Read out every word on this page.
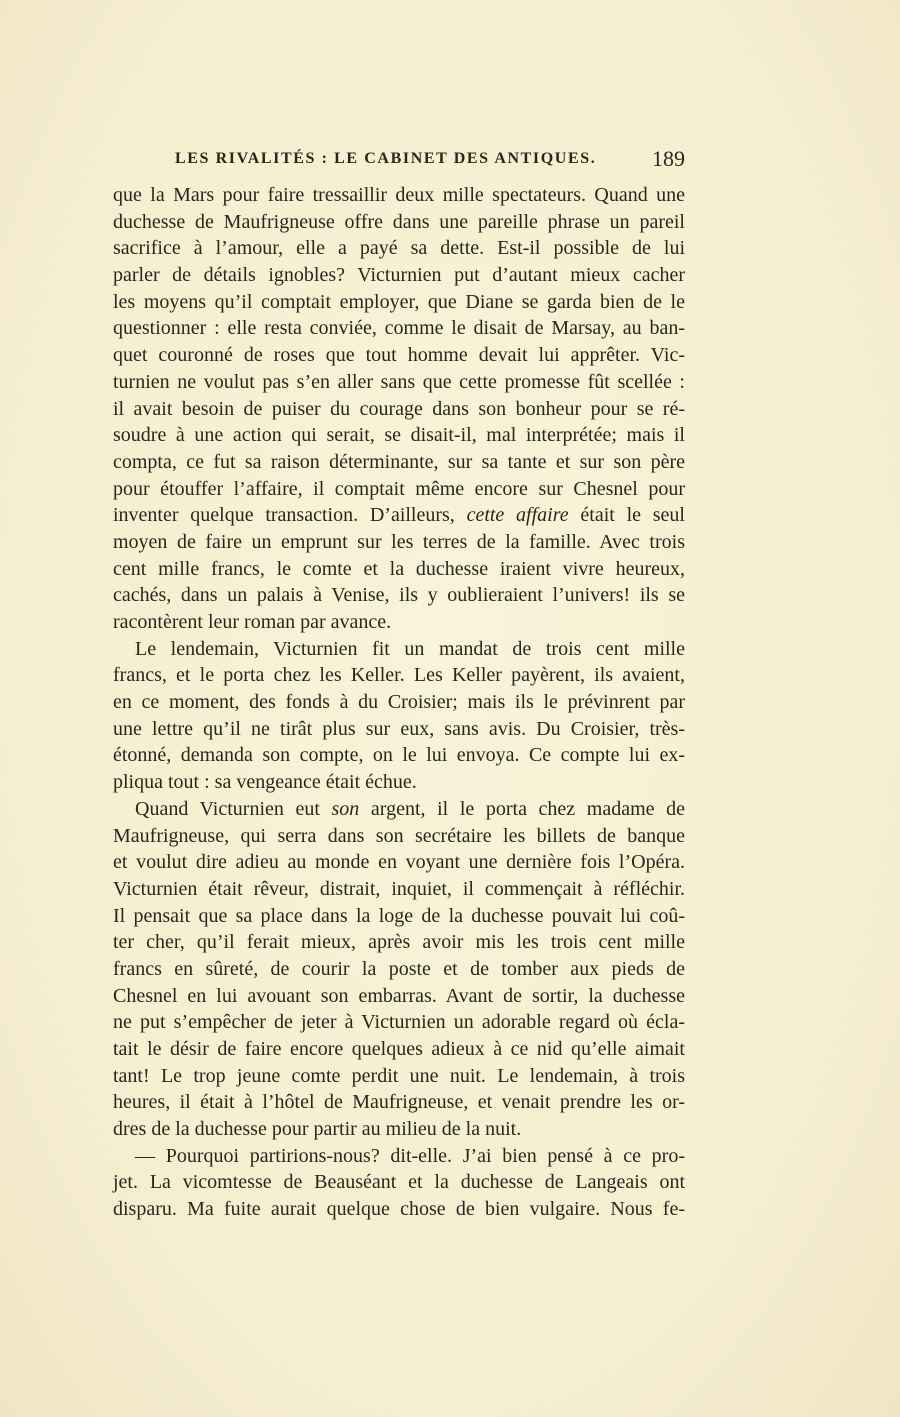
LES RIVALITÉS : LE CABINET DES ANTIQUES.	189
que la Mars pour faire tressaillir deux mille spectateurs. Quand une
duchesse de Maufrigneuse offre dans une pareille phrase un pareil
sacrifice à l’amour, elle a payé sa dette. Est-il possible de lui
parler de détails ignobles? Victurnien put d’autant mieux cacher
les moyens qu’il comptait employer, que Diane se garda bien de le
questionner : elle resta conviée, comme le disait de Marsay, au ban-
quet couronné de roses que tout homme devait lui apprêter. Vic-
turnien ne voulut pas s’en aller sans que cette promesse fût scellée :
il avait besoin de puiser du courage dans son bonheur pour se ré-
soudre à une action qui serait, se disait-il, mal interprétée; mais il
compta, ce fut sa raison déterminante, sur sa tante et sur son père
pour étouffer l’affaire, il comptait même encore sur Chesnel pour
inventer quelque transaction. D’ailleurs, cette affaire était le seul
moyen de faire un emprunt sur les terres de la famille. Avec trois
cent mille francs, le comte et la duchesse iraient vivre heureux,
cachés, dans un palais à Venise, ils y oublieraient l’univers! ils se
racontèrent leur roman par avance.
Le lendemain, Victurnien fit un mandat de trois cent mille
francs, et le porta chez les Keller. Les Keller payèrent, ils avaient,
en ce moment, des fonds à du Croisier; mais ils le prévinrent par
une lettre qu’il ne tirât plus sur eux, sans avis. Du Croisier, très-
étonné, demanda son compte, on le lui envoya. Ce compte lui ex-
pliqua tout : sa vengeance était échue.
Quand Victurnien eut son argent, il le porta chez madame de
Maufrigneuse, qui serra dans son secrétaire les billets de banque
et voulut dire adieu au monde en voyant une dernière fois l’Opéra.
Victurnien était rêveur, distrait, inquiet, il commençait à réfléchir.
Il pensait que sa place dans la loge de la duchesse pouvait lui coû-
ter cher, qu’il ferait mieux, après avoir mis les trois cent mille
francs en sûreté, de courir la poste et de tomber aux pieds de
Chesnel en lui avouant son embarras. Avant de sortir, la duchesse
ne put s’empêcher de jeter à Victurnien un adorable regard où écla-
tait le désir de faire encore quelques adieux à ce nid qu’elle aimait
tant! Le trop jeune comte perdit une nuit. Le lendemain, à trois
heures, il était à l’hôtel de Maufrigneuse, et venait prendre les or-
dres de la duchesse pour partir au milieu de la nuit.
— Pourquoi partirions-nous? dit-elle. J’ai bien pensé à ce pro-
jet. La vicomtesse de Beauséant et la duchesse de Langeais ont
disparu. Ma fuite aurait quelque chose de bien vulgaire. Nous fe-
